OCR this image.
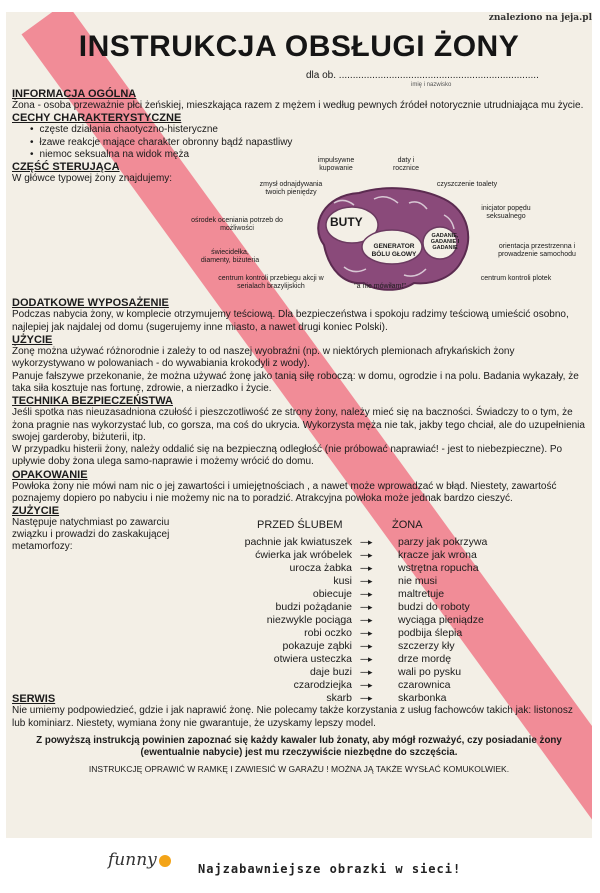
INSTRUKCJA OBSŁUGI ŻONY
dla ob. ........................................................................
imię i nazwisko
INFORMACJA OGÓLNA

Żona - osoba przeważnie płci żeńskiej, mieszkająca razem z mężem i według pewnych źródeł notorycznie utrudniająca mu życie.

CECHY CHARAKTERYSTYCZNE
• częste działania chaotyczno-histeryczne
• łzawe reakcje mające charakter obronny bądź napastliwy
• niemoc seksualna na widok męża
CZĘŚĆ STERUJĄCA

W główce typowej żony znajdujemy:

BUTY
GENERATOR BÓLU GŁOWY
GADANIE, GADANIE I GADANIE
impulsywne kupowanie
daty i rocznice
zmysł odnajdywania twoich pieniędzy
czyszczenie toalety
inicjator popędu seksualnego
ośrodek oceniania potrzeb do możliwości
świecidełka, diamenty, biżuteria
orientacja przestrzenna i prowadzenie samochodu
centrum kontroli przebiegu akcji w serialach brazylijskich	"a nie mówiłam!"
centrum kontroli plotek
DODATKOWE WYPOSAŻENIE

Podczas nabycia żony, w komplecie otrzymujemy teściową. Dla bezpieczeństwa i spokoju radzimy teściową umieścić osobno, najlepiej jak najdalej od domu (sugerujemy inne miasto, a nawet drugi koniec Polski).

UŻYCIE

Żonę można używać różnorodnie i zależy to od naszej wyobraźni (np. w niektórych plemionach afrykańskich żony wykorzystywano w polowaniach - do wywabiania krokodyli z wody).

Panuje fałszywe przekonanie, że można używać żonę jako tanią siłę roboczą: w domu, ogrodzie i na polu. Badania wykazały, że taka siła kosztuje nas fortunę, zdrowie, a nierzadko i życie.

TECHNIKA BEZPIECZEŃSTWA

Jeśli spotka nas nieuzasadniona czułość i pieszczotliwość ze strony żony, należy mieć się na baczności. Świadczy to o tym, że żona pragnie nas wykorzystać lub, co gorsza, ma coś do ukrycia. Wykorzysta męża nie tak, jakby tego chciał, ale do uzupełnienia swojej garderoby, biżuterii, itp.

W przypadku histerii żony, należy oddalić się na bezpieczną odległość (nie próbować naprawiać! - jest to niebezpieczne). Po upływie doby żona ulega samo-naprawie i możemy wrócić do domu.

OPAKOWANIE

Powłoka żony nie mówi nam nic o jej zawartości i umiejętnościach , a nawet może wprowadzać w błąd. Niestety, zawartość poznajemy dopiero po nabyciu i nie możemy nic na to poradzić. Atrakcyjna powłoka może jednak bardzo cieszyć.

ZUŻYCIE
Następuje natychmiast po zawarciu związku i prowadzi do zaskakującej metamorfozy:
PRZED ŚLUBEM	ŻONA
pachnie jak kwiatuszek ----▸	parzy jak pokrzywa
ćwierka jak wróbelek ----▸	kracze jak wrona
urocza żabka ----▸	wstrętna ropucha
kusi ----▸	nie musi
obiecuje ----▸	maltretuje
budzi pożądanie ----▸	budzi do roboty
niezwykle pociąga ----▸	wyciąga pieniądze
robi oczko ----▸	podbija ślepia
pokazuje ząbki ----▸	szczerzy kły
otwiera usteczka ----▸	drze mordę
daje buzi ----▸	wali po pysku
czarodziejka ----▸	czarownica
skarb ----▸	skarbonka
SERWIS

Nie umiemy podpowiedzieć, gdzie i jak naprawić żonę. Nie polecamy także korzystania z usług fachowców takich jak: listonosz lub kominiarz. Niestety, wymiana żony nie gwarantuje, że uzyskamy lepszy model.

Z powyższą instrukcją powinien zapoznać się każdy kawaler lub żonaty, aby mógł rozważyć, czy posiadanie żony (ewentualnie nabycie) jest mu rzeczywiście niezbędne do szczęścia.

INSTRUKCJĘ OPRAWIĆ W RAMKĘ I ZAWIESIĆ W GARAŻU ! MOŻNA JĄ TAKŻE WYSŁAĆ KOMUKOLWIEK.

znaleziono na jeja.pl
funny	Najzabawniejsze obrazki w sieci!
